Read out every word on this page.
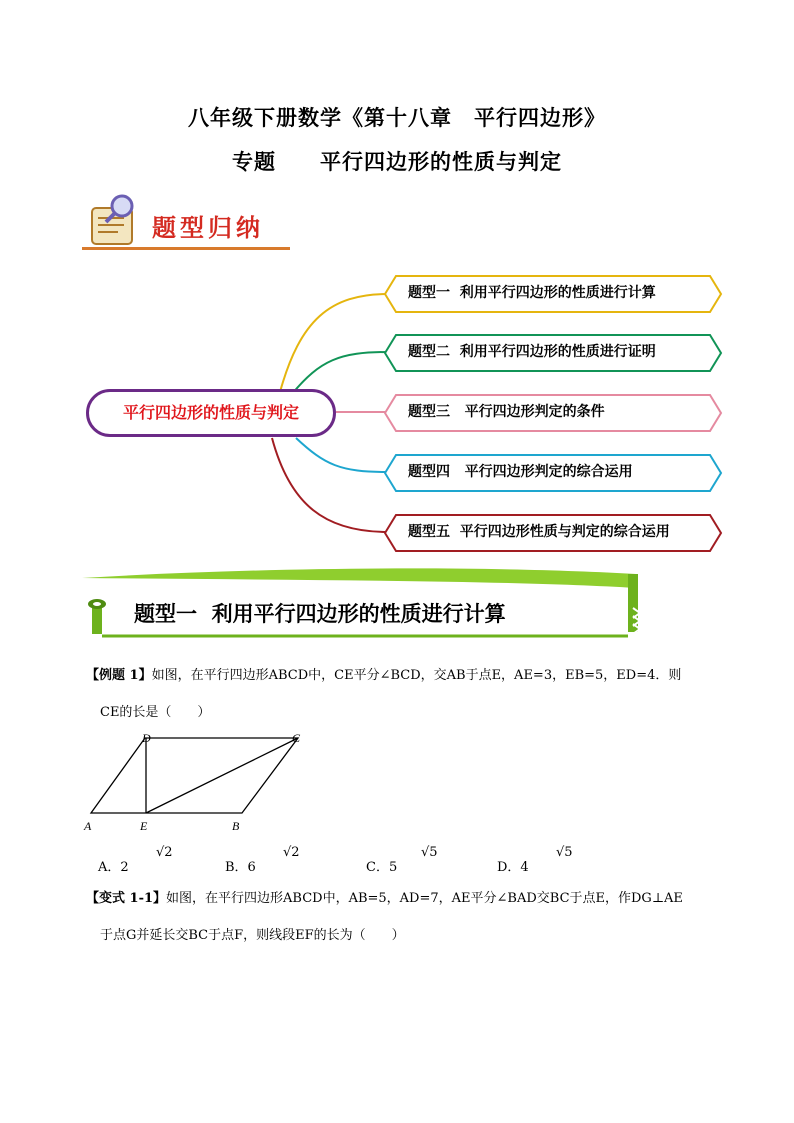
八年级下册数学《第十八章　平行四边形》
专题　　平行四边形的性质与判定
题型归纳
平行四边形的性质与判定
题型一  利用平行四边形的性质进行计算
题型二  利用平行四边形的性质进行证明
题型三   平行四边形判定的条件
题型四   平行四边形判定的综合运用
题型五  平行四边形性质与判定的综合运用
题型一  利用平行四边形的性质进行计算
【例题 1】如图，在平行四边形ABCD中，CE平分∠BCD，交AB于点E，AE=3，EB=5，ED=4．则
CE的长是（　　）
D	C
A	E	B
A．2
√2
B．6
√2
C．5
√5
D．4
√5
【变式 1-1】如图，在平行四边形ABCD中，AB=5，AD=7，AE平分∠BAD交BC于点E，作DG⊥AE
于点G并延长交BC于点F，则线段EF的长为（　　）
